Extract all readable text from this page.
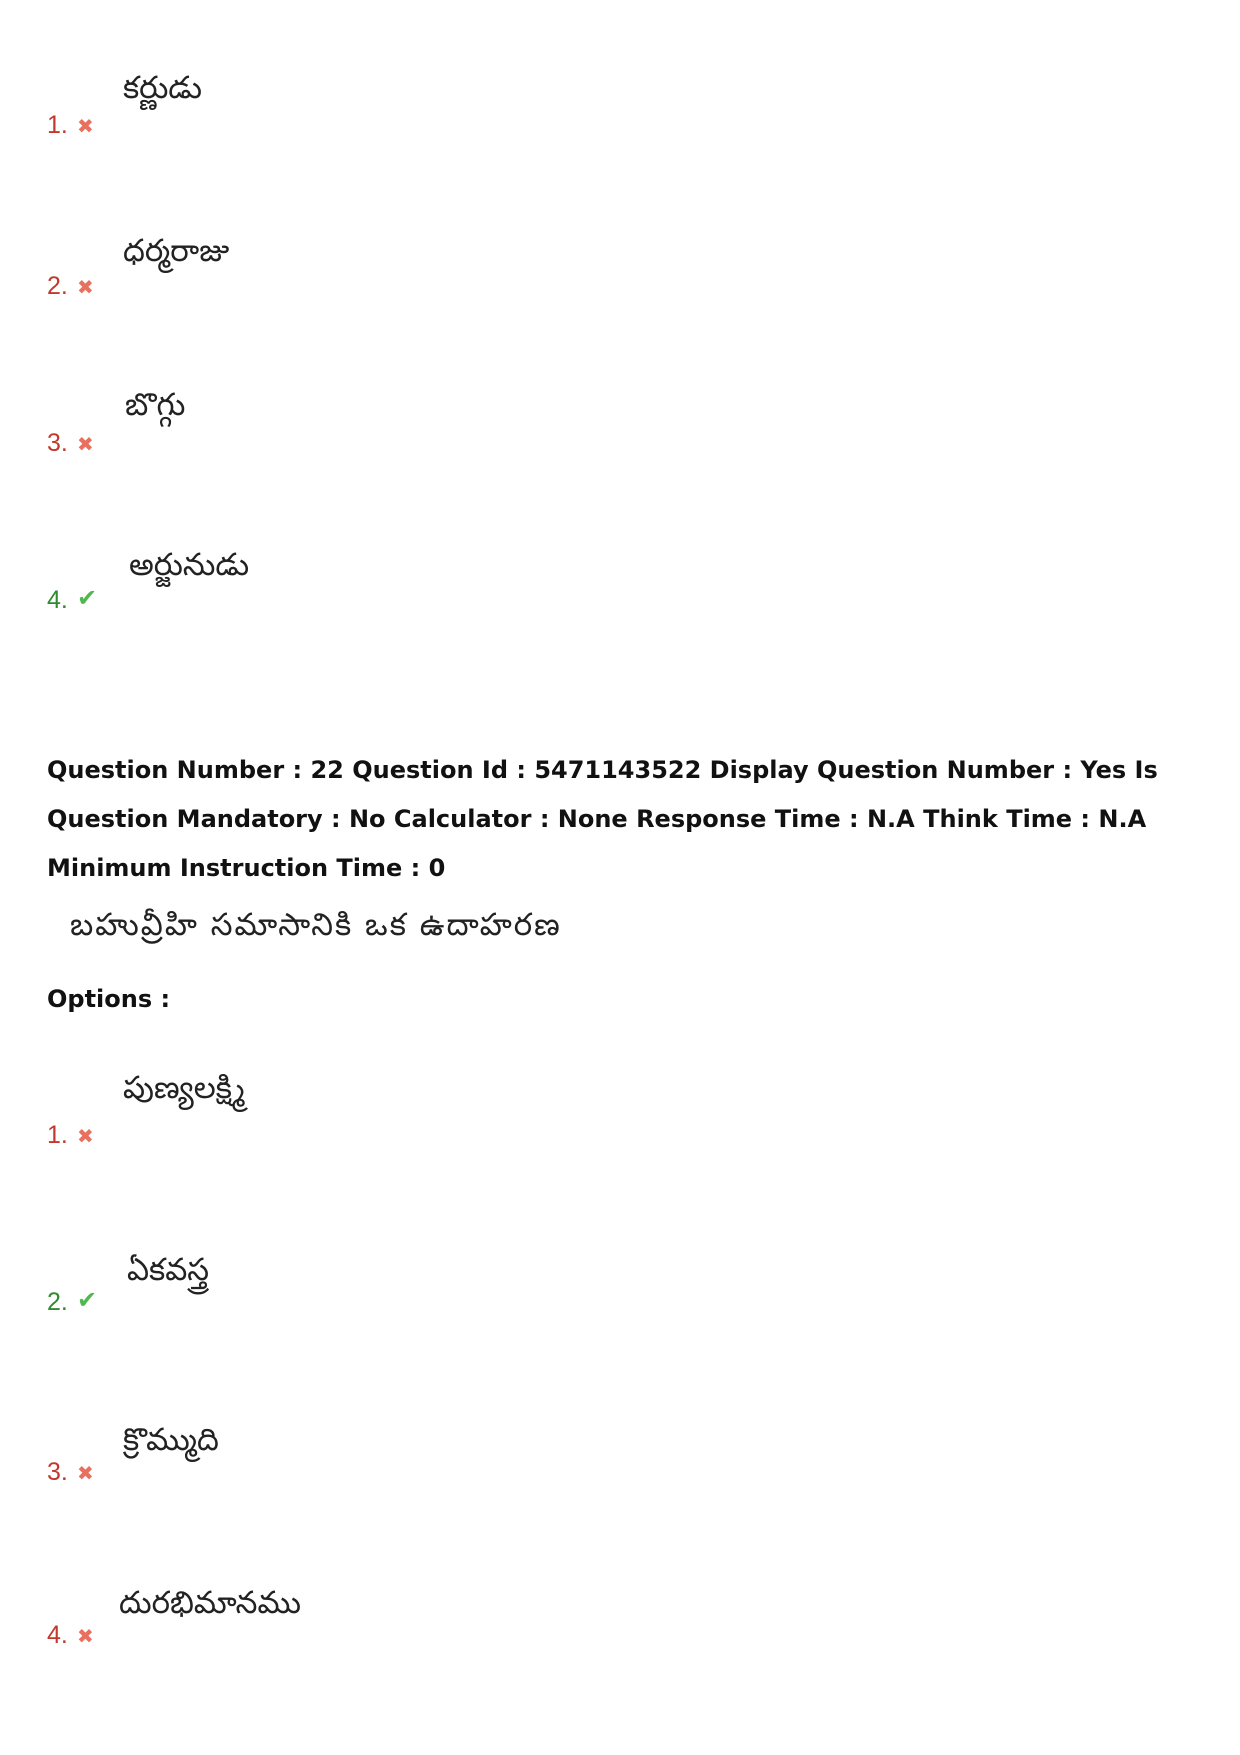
కర్ణుడు
1. ✖
ధర్మరాజు
2. ✖
బొగ్గు
3. ✖
అర్జునుడు
4. ✔
Question Number : 22 Question Id : 5471143522 Display Question Number : Yes Is Question Mandatory : No Calculator : None Response Time : N.A Think Time : N.A Minimum Instruction Time : 0
బహువ్రీహి సమాసానికి ఒక ఉదాహరణ
Options :
పుణ్యలక్ష్మి
1. ✖
ఏకవస్త్ర
2. ✔
క్రొమ్ముది
3. ✖
దురభిమానము
4. ✖
